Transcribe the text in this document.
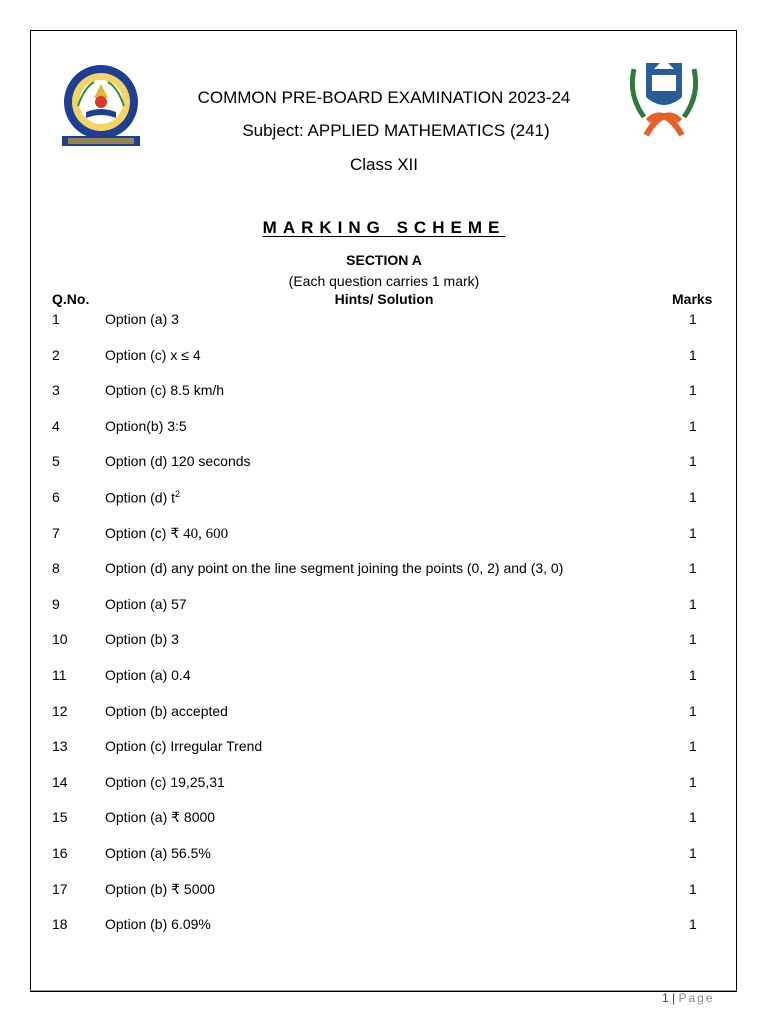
COMMON PRE-BOARD EXAMINATION 2023-24
Subject: APPLIED MATHEMATICS (241)
Class XII
MARKING SCHEME
SECTION A
(Each question carries 1 mark)
Q.No.	Hints/ Solution	Marks
1	Option (a) 3	1
2	Option (c) x ≤ 4	1
3	Option (c) 8.5 km/h	1
4	Option(b) 3:5	1
5	Option (d) 120 seconds	1
6	Option (d) $t^2$	1
7	Option (c) ₹ 40, 600	1
8	Option (d) any point on the line segment joining the points (0, 2) and (3, 0)	1
9	Option (a) 57	1
10	Option (b) 3	1
11	Option (a) 0.4	1
12	Option (b) accepted	1
13	Option (c) Irregular Trend	1
14	Option (c) 19,25,31	1
15	Option (a) ₹ 8000	1
16	Option (a) 56.5%	1
17	Option (b) ₹ 5000	1
18	Option (b) 6.09%	1
1 | Page
